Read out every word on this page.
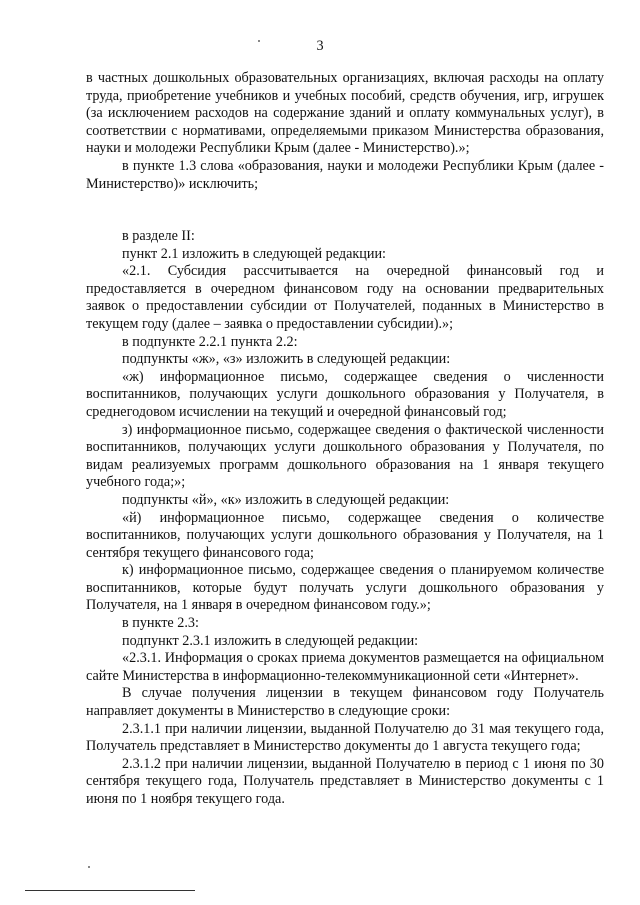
3

в частных дошкольных образовательных организациях, включая расходы на оплату труда, приобретение учебников и учебных пособий, средств обучения, игр, игрушек (за исключением расходов на содержание зданий и оплату коммунальных услуг), в соответствии с нормативами, определяемыми приказом Министерства образования, науки и молодежи Республики Крым (далее - Министерство).»;

в пункте 1.3 слова «образования, науки и молодежи Республики Крым (далее - Министерство)» исключить;

в разделе II:

пункт 2.1 изложить в следующей редакции:

«2.1. Субсидия рассчитывается на очередной финансовый год и предоставляется в очередном финансовом году на основании предварительных заявок о предоставлении субсидии от Получателей, поданных в Министерство в текущем году (далее – заявка о предоставлении субсидии).»;

в подпункте 2.2.1 пункта 2.2:

подпункты «ж», «з» изложить в следующей редакции:

«ж) информационное письмо, содержащее сведения о численности воспитанников, получающих услуги дошкольного образования у Получателя, в среднегодовом исчислении на текущий и очередной финансовый год;

з) информационное письмо, содержащее сведения о фактической численности воспитанников, получающих услуги дошкольного образования у Получателя, по видам реализуемых программ дошкольного образования на 1 января текущего учебного года;»;

подпункты «й», «к» изложить в следующей редакции:

«й) информационное письмо, содержащее сведения о количестве воспитанников, получающих услуги дошкольного образования у Получателя, на 1 сентября текущего финансового года;

к) информационное письмо, содержащее сведения о планируемом количестве воспитанников, которые будут получать услуги дошкольного образования у Получателя, на 1 января в очередном финансовом году.»;

в пункте 2.3:

подпункт 2.3.1 изложить в следующей редакции:

«2.3.1. Информация о сроках приема документов размещается на официальном сайте Министерства в информационно-телекоммуникационной сети «Интернет».

В случае получения лицензии в текущем финансовом году Получатель направляет документы в Министерство в следующие сроки:

2.3.1.1 при наличии лицензии, выданной Получателю до 31 мая текущего года, Получатель представляет в Министерство документы до 1 августа текущего года;

2.3.1.2 при наличии лицензии, выданной Получателю в период с 1 июня по 30 сентября текущего года, Получатель представляет в Министерство документы с 1 июня по 1 ноября текущего года.
